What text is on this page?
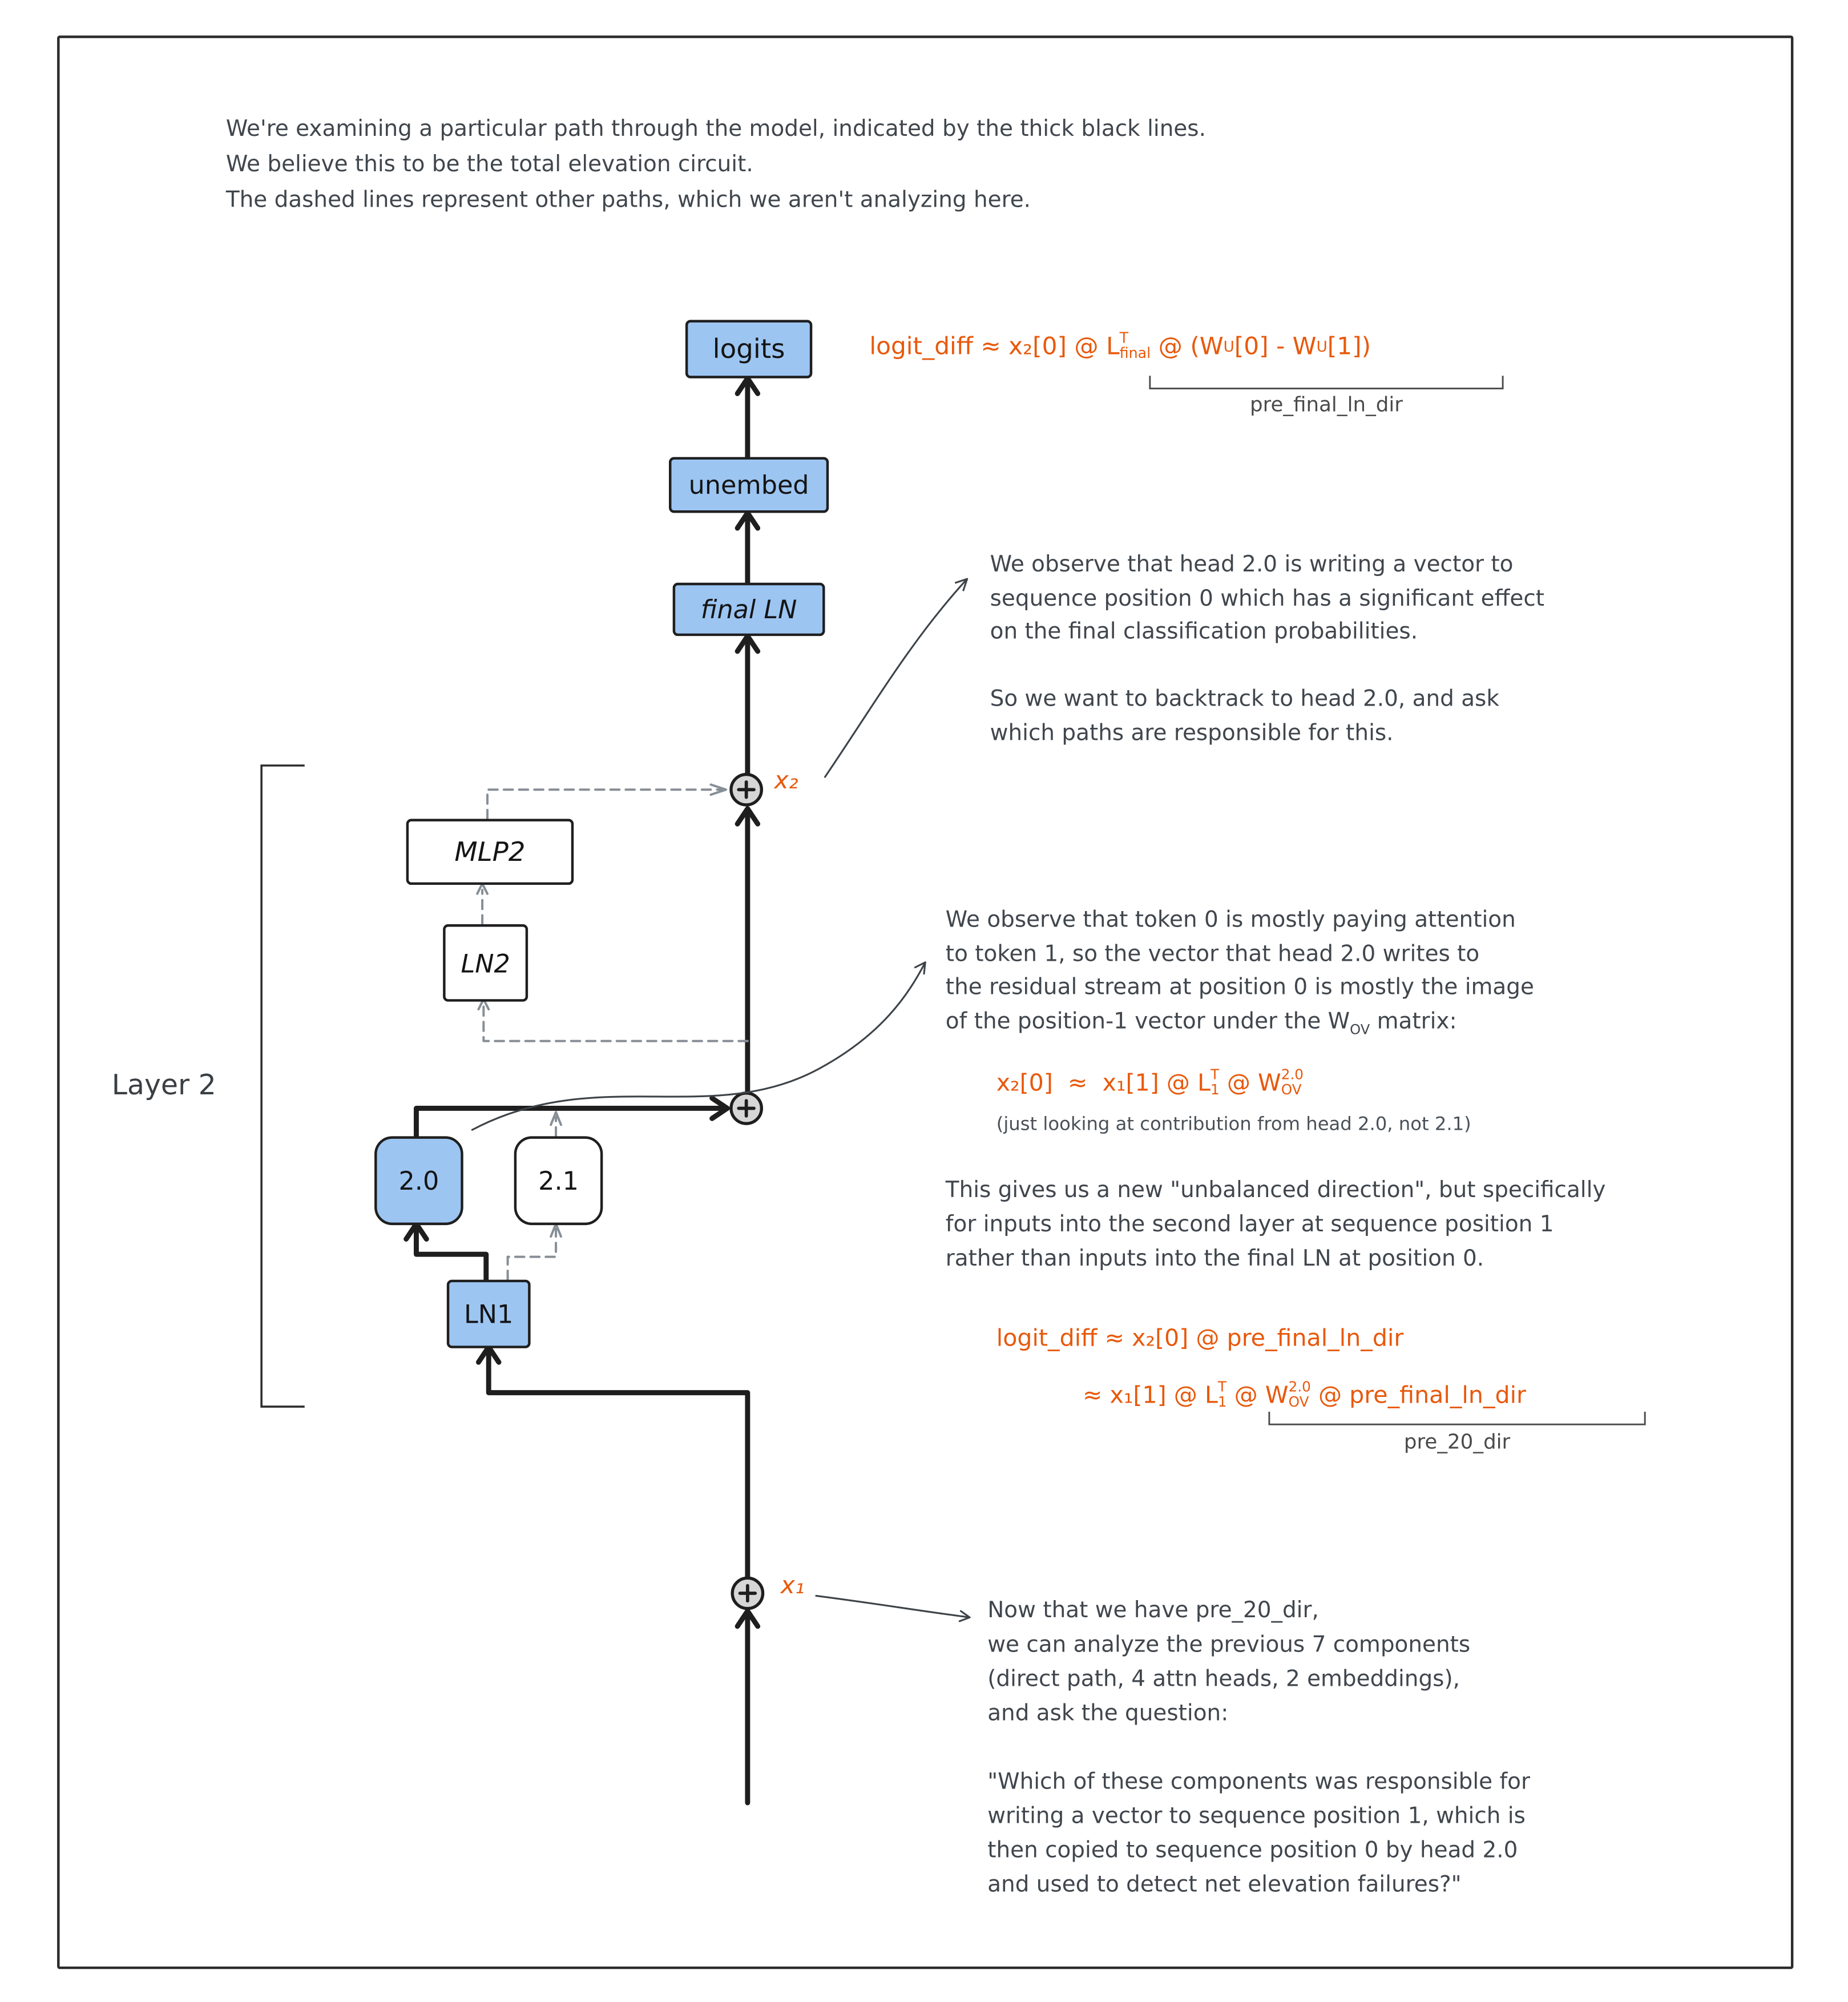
We're examining a particular path through the model, indicated by the thick black lines.
We believe this to be the total elevation circuit.
The dashed lines represent other paths, which we aren't analyzing here.
logits
unembed
final LN
MLP2
LN2
2.0	2.1
LN1
x₂
x₁
Layer 2
logit_diff ≈ x₂[0] @ L T
final @ (W U [0] - W U [1])
pre_final_ln_dir
We observe that head 2.0 is writing a vector to
sequence position 0 which has a significant effect
on the final classification probabilities.
So we want to backtrack to head 2.0, and ask
which paths are responsible for this.
We observe that token 0 is mostly paying attention
to token 1, so the vector that head 2.0 writes to
the residual stream at position 0 is mostly the image
of the position-1 vector under the $W_{OV}$ matrix:
x₂[0]  ≈  x₁[1] @ L T
1 @ W 2.0
OV
(just looking at contribution from head 2.0, not 2.1)
This gives us a new "unbalanced direction", but specifically
for inputs into the second layer at sequence position 1
rather than inputs into the final LN at position 0.
logit_diff ≈ x₂[0] @ pre_final_ln_dir
≈ x₁[1] @ L T
1 @ W 2.0
OV @ pre_final_ln_dir
pre_20_dir
Now that we have pre_20_dir,
we can analyze the previous 7 components
(direct path, 4 attn heads, 2 embeddings),
and ask the question:
"Which of these components was responsible for
writing a vector to sequence position 1, which is
then copied to sequence position 0 by head 2.0
and used to detect net elevation failures?"
